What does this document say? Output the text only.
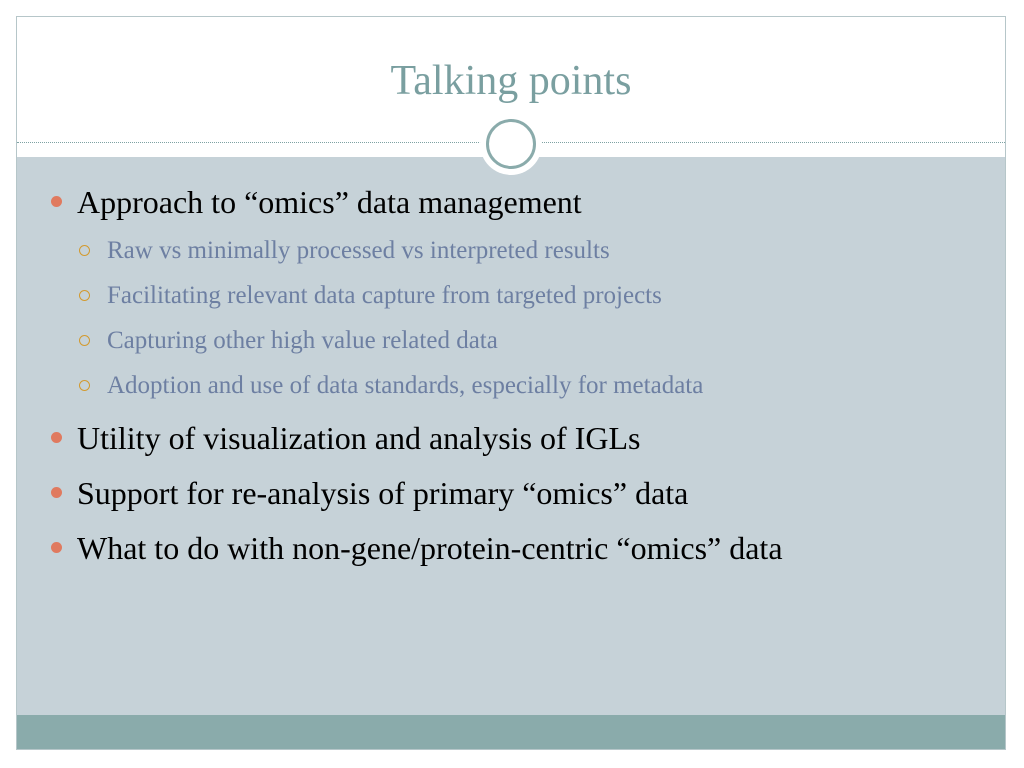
Talking points
Approach to “omics” data management
Raw vs minimally processed vs interpreted results
Facilitating relevant data capture from targeted projects
Capturing other high value related data
Adoption and use of data standards, especially for metadata
Utility of visualization and analysis of IGLs
Support for re-analysis of primary “omics” data
What to do with non-gene/protein-centric “omics” data
